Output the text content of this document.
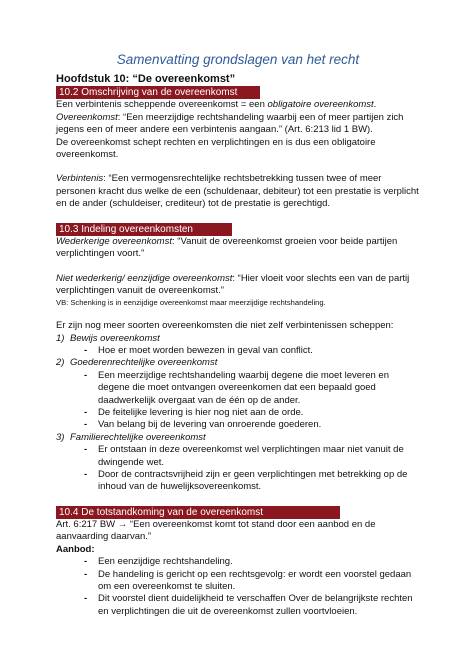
Samenvatting grondslagen van het recht

Hoofdstuk 10: “De overeenkomst”

10.2 Omschrijving van de overeenkomst

Een verbintenis scheppende overeenkomst = een obligatoire overeenkomst.

Overeenkomst: “Een meerzijdige rechtshandeling waarbij een of meer partijen zich jegens een of meer andere een verbintenis aangaan.” (Art. 6:213 lid 1 BW).

De overeenkomst schept rechten en verplichtingen en is dus een obligatoire overeenkomst.

Verbintenis: “Een vermogensrechtelijke rechtsbetrekking tussen twee of meer personen kracht dus welke de een (schuldenaar, debiteur) tot een prestatie is verplicht en de ander (schuldeiser, crediteur) tot de prestatie is gerechtigd.

10.3 Indeling overeenkomsten

Wederkerige overeenkomst: “Vanuit de overeenkomst groeien voor beide partijen verplichtingen voort.”

Niet wederkerig/ eenzijdige overeenkomst: “Hier vloeit voor slechts een van de partij verplichtingen vanuit de overeenkomst.”

VB: Schenking is in eenzijdige overeenkomst maar meerzijdige rechtshandeling.

Er zijn nog meer soorten overeenkomsten die niet zelf verbintenissen scheppen:

1) Bewijs overeenkomst
-	Hoe er moet worden bewezen in geval van conflict.
2) Goederenrechtelijke overeenkomst
-	Een meerzijdige rechtshandeling waarbij degene die moet leveren en degene die moet ontvangen overeenkomen dat een bepaald goed daadwerkelijk overgaat van de één op de ander.
-	De feitelijke levering is hier nog niet aan de orde.
-	Van belang bij de levering van onroerende goederen.
3) Familierechtelijke overeenkomst
-	Er ontstaan in deze overeenkomst wel verplichtingen maar niet vanuit de dwingende wet.
-	Door de contractsvrijheid zijn er geen verplichtingen met betrekking op de inhoud van de huwelijksovereenkomst.
10.4 De totstandkoming van de overeenkomst

Art. 6:217 BW → “Een overeenkomst komt tot stand door een aanbod en de aanvaarding daarvan.”

Aanbod:

-	Een eenzijdige rechtshandeling.
-	De handeling is gericht op een rechtsgevolg: er wordt een voorstel gedaan om een overeenkomst te sluiten.
-	Dit voorstel dient duidelijkheid te verschaffen Over de belangrijkste rechten en verplichtingen die uit de overeenkomst zullen voortvloeien.
